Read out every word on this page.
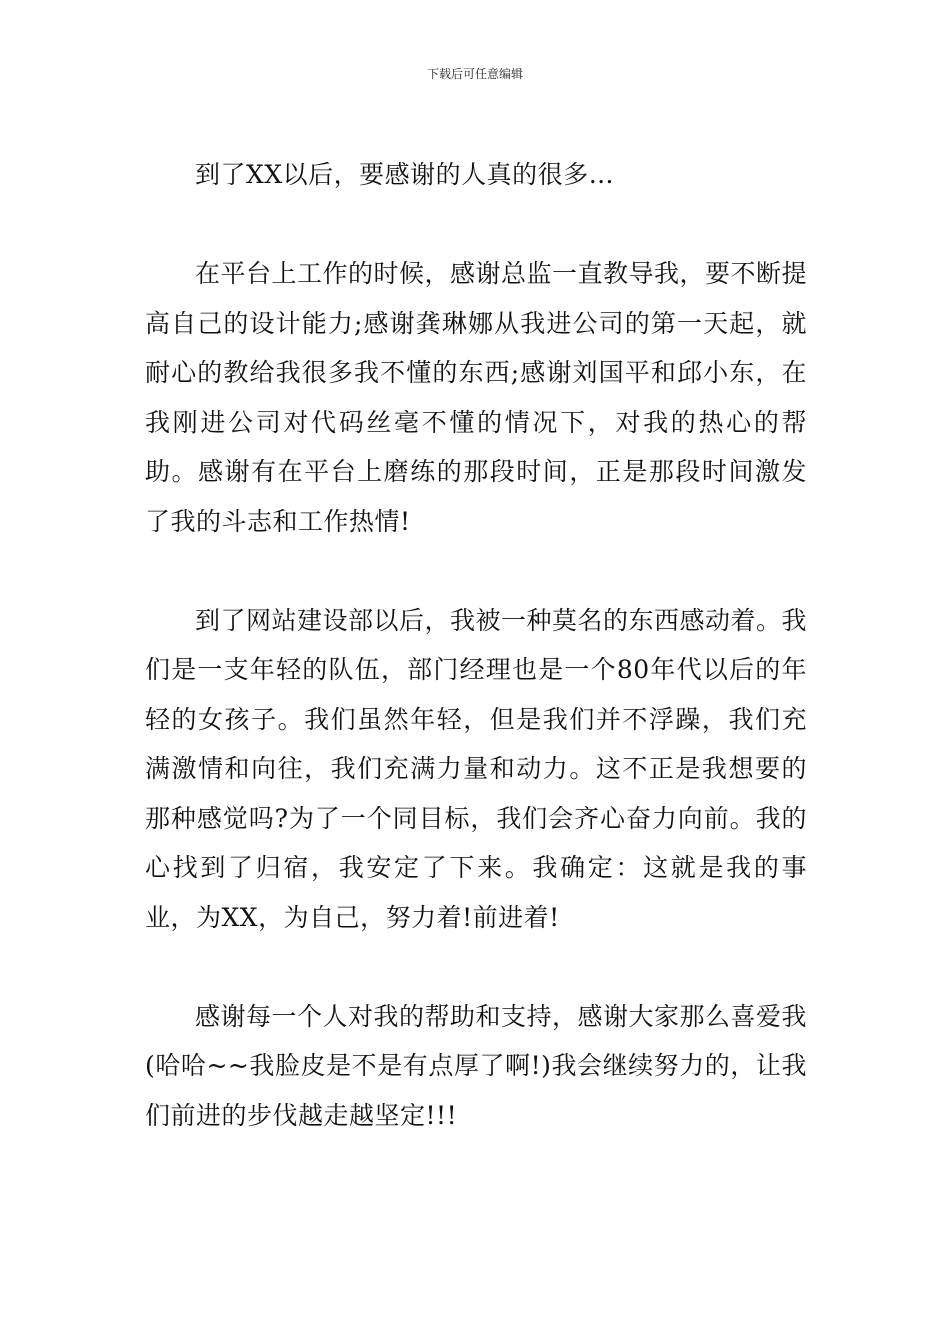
下载后可任意编辑

到了XX以后，要感谢的人真的很多…

在平台上工作的时候，感谢总监一直教导我，要不断提高自己的设计能力;感谢龚琳娜从我进公司的第一天起，就耐心的教给我很多我不懂的东西;感谢刘国平和邱小东，在我刚进公司对代码丝毫不懂的情况下，对我的热心的帮助。感谢有在平台上磨练的那段时间，正是那段时间激发了我的斗志和工作热情!

到了网站建设部以后，我被一种莫名的东西感动着。我们是一支年轻的队伍，部门经理也是一个80年代以后的年轻的女孩子。我们虽然年轻，但是我们并不浮躁，我们充满激情和向往，我们充满力量和动力。这不正是我想要的那种感觉吗?为了一个同目标，我们会齐心奋力向前。我的心找到了归宿，我安定了下来。我确定：这就是我的事业，为XX，为自己，努力着!前进着!

感谢每一个人对我的帮助和支持，感谢大家那么喜爱我(哈哈~~我脸皮是不是有点厚了啊!)我会继续努力的，让我们前进的步伐越走越坚定!!!
